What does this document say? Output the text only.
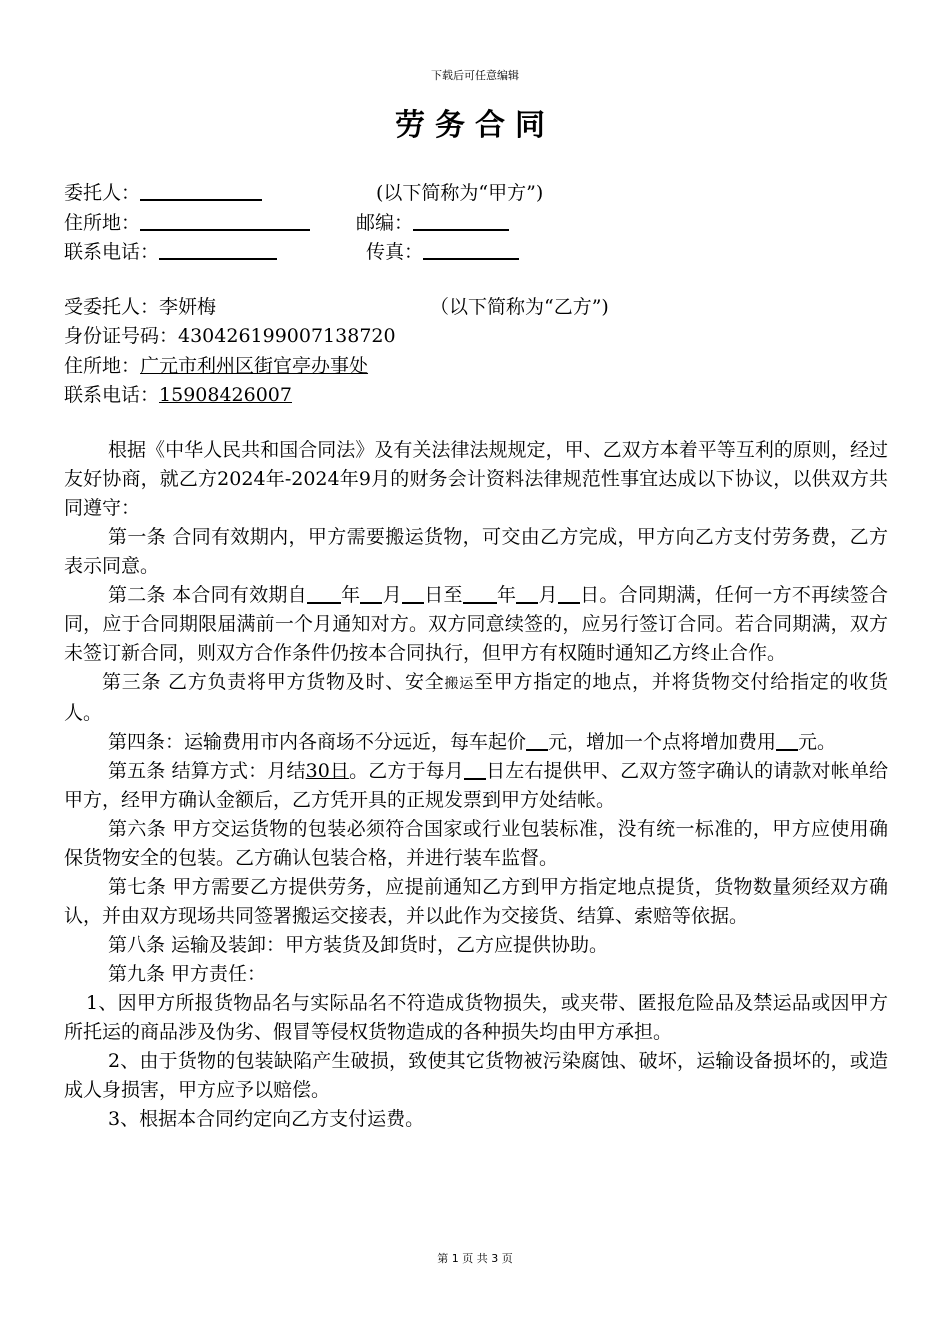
下载后可任意编辑
劳务合同
委托人：	(以下简称为“甲方”)
住所地：	邮编：
联系电话：	传真：
受委托人：李妍梅	（以下简称为“乙方”)
身份证号码：430426199007138720
住所地：广元市利州区街官亭办事处
联系电话：15908426007

根据《中华人民共和国合同法》及有关法律法规规定，甲、乙双方本着平等互利的原则，经过友好协商，就乙方2024年-2024年9月的财务会计资料法律规范性事宜达成以下协议，以供双方共同遵守：

第一条 合同有效期内，甲方需要搬运货物，可交由乙方完成，甲方向乙方支付劳务费，乙方表示同意。

第二条 本合同有效期自 年 月 日至 年 月 日。合同期满，任何一方不再续签合同，应于合同期限届满前一个月通知对方。双方同意续签的，应另行签订合同。若合同期满，双方未签订新合同，则双方合作条件仍按本合同执行，但甲方有权随时通知乙方终止合作。

第三条 乙方负责将甲方货物及时、安全搬运至甲方指定的地点，并将货物交付给指定的收货人。

第四条：运输费用市内各商场不分远近，每车起价 元，增加一个点将增加费用 元。

第五条 结算方式：月结30日。乙方于每月 日左右提供甲、乙双方签字确认的请款对帐单给甲方，经甲方确认金额后，乙方凭开具的正规发票到甲方处结帐。

第六条 甲方交运货物的包装必须符合国家或行业包装标准，没有统一标准的，甲方应使用确保货物安全的包装。乙方确认包装合格，并进行装车监督。

第七条 甲方需要乙方提供劳务，应提前通知乙方到甲方指定地点提货，货物数量须经双方确认，并由双方现场共同签署搬运交接表，并以此作为交接货、结算、索赔等依据。

第八条 运输及装卸：甲方装货及卸货时，乙方应提供协助。

第九条 甲方责任：

1、因甲方所报货物品名与实际品名不符造成货物损失，或夹带、匿报危险品及禁运品或因甲方所托运的商品涉及伪劣、假冒等侵权货物造成的各种损失均由甲方承担。

2、由于货物的包装缺陷产生破损，致使其它货物被污染腐蚀、破坏，运输设备损坏的，或造成人身损害，甲方应予以赔偿。

3、根据本合同约定向乙方支付运费。

第 1 页 共 3 页
